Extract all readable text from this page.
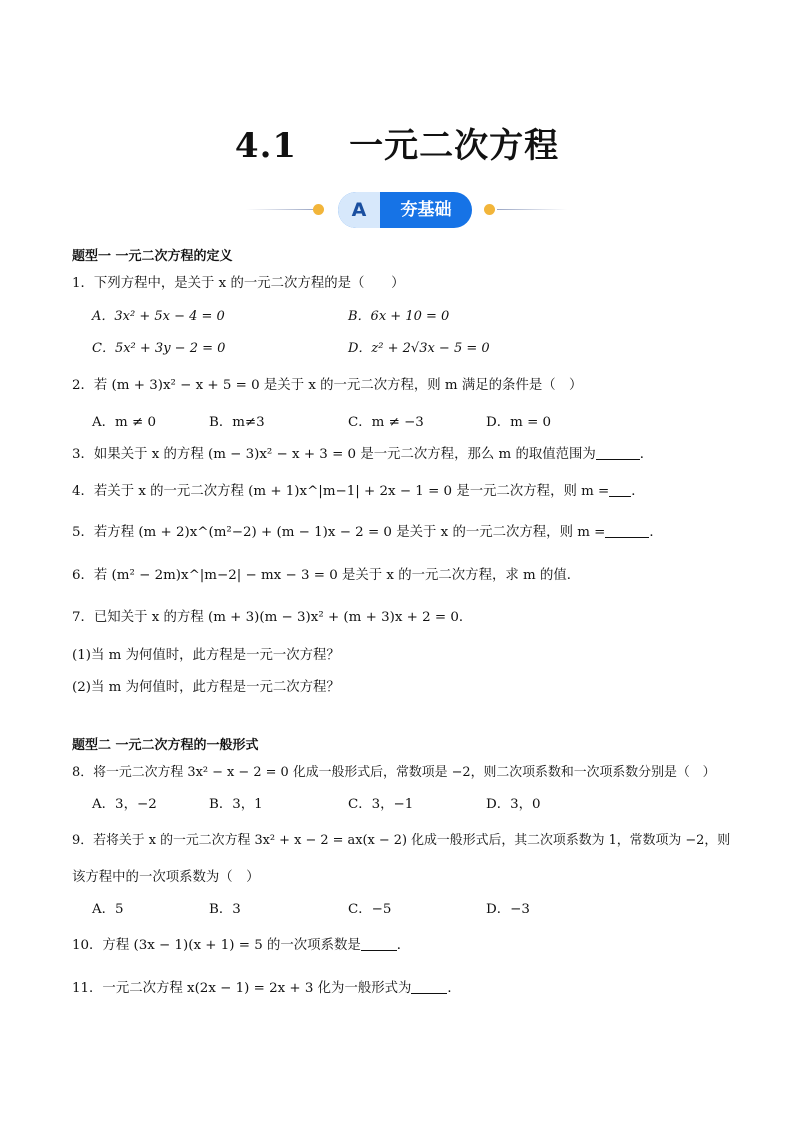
4.1 一元二次方程
A	夯基础
题型一 一元二次方程的定义
1．下列方程中，是关于 x 的一元二次方程的是（　　）
A．3x² + 5x − 4 = 0	B．6x + 10 = 0
C．5x² + 3y − 2 = 0	D．z² + 2√3x − 5 = 0
2．若 (m + 3)x² − x + 5 = 0 是关于 x 的一元二次方程，则 m 满足的条件是（　）
A．m ≠ 0	B．m≠3	C．m ≠ −3	D．m = 0
3．如果关于 x 的方程 (m − 3)x² − x + 3 = 0 是一元二次方程，那么 m 的取值范围为	．
4．若关于 x 的一元二次方程 (m + 1)x^|m−1| + 2x − 1 = 0 是一元二次方程，则 m = ．
5．若方程 (m + 2)x^(m²−2) + (m − 1)x − 2 = 0 是关于 x 的一元二次方程，则 m =	．
6．若 (m² − 2m)x^|m−2| − mx − 3 = 0 是关于 x 的一元二次方程，求 m 的值．
7．已知关于 x 的方程 (m + 3)(m − 3)x² + (m + 3)x + 2 = 0．
(1)当 m 为何值时，此方程是一元一次方程？
(2)当 m 为何值时，此方程是一元二次方程？
题型二 一元二次方程的一般形式
8．将一元二次方程 3x² − x − 2 = 0 化成一般形式后，常数项是 −2，则二次项系数和一次项系数分别是（　）
A．3，−2	B．3，1	C．3，−1	D．3，0
9．若将关于 x 的一元二次方程 3x² + x − 2 = ax(x − 2) 化成一般形式后，其二次项系数为 1，常数项为 −2，则
该方程中的一次项系数为（　）
A．5	B．3	C．−5	D．−3
10．方程 (3x − 1)(x + 1) = 5 的一次项系数是	．
11．一元二次方程 x(2x − 1) = 2x + 3 化为一般形式为	．
